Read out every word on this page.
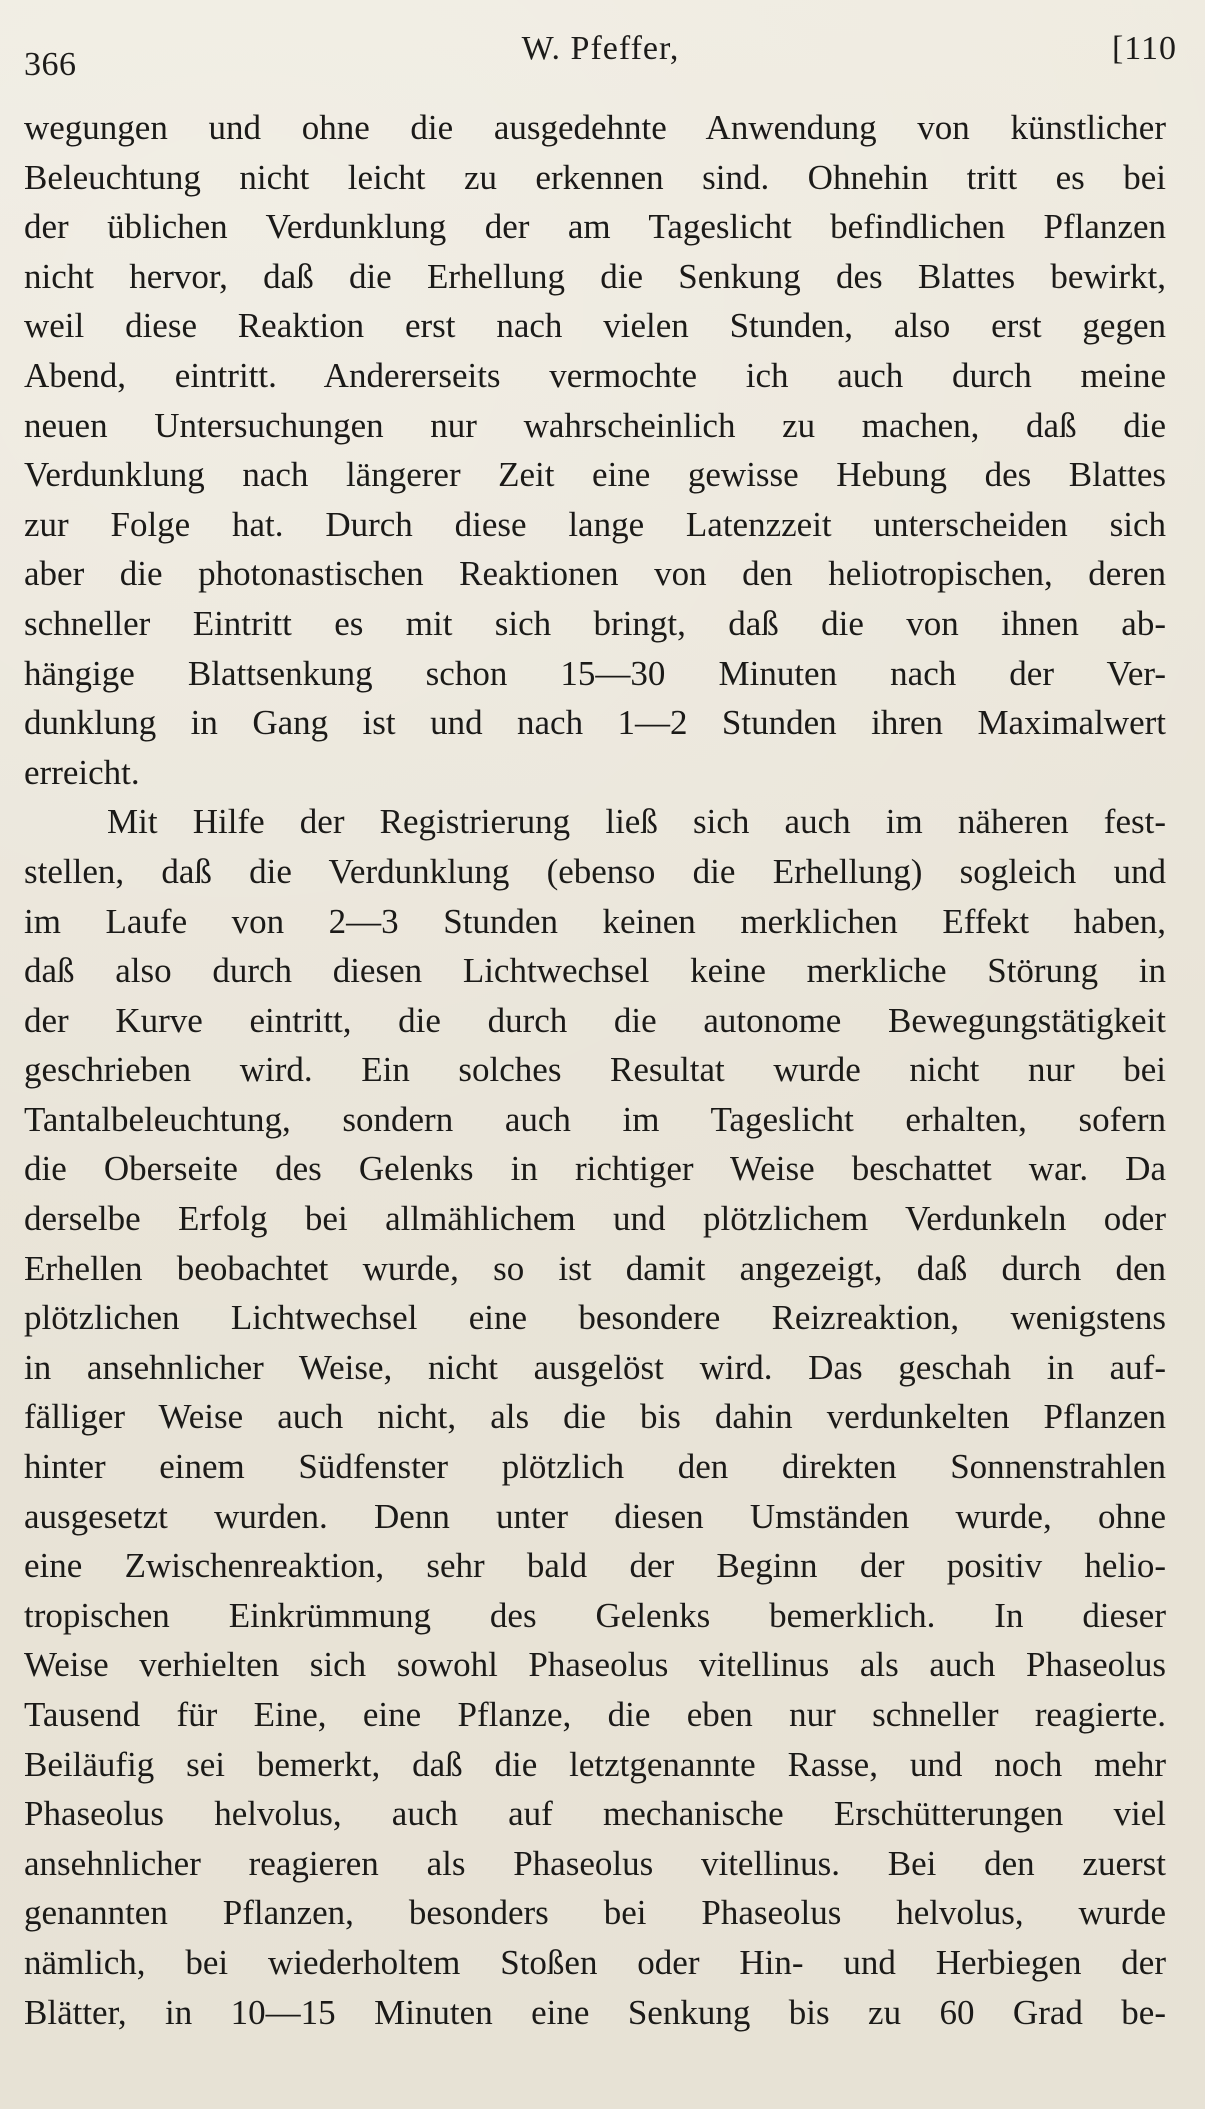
366	W. Pfeffer,	[110
wegungen und ohne die ausgedehnte Anwendung von künstlicher
Beleuchtung nicht leicht zu erkennen sind. Ohnehin tritt es bei
der üblichen Verdunklung der am Tageslicht befindlichen Pflanzen
nicht hervor, daß die Erhellung die Senkung des Blattes bewirkt,
weil diese Reaktion erst nach vielen Stunden, also erst gegen
Abend, eintritt. Andererseits vermochte ich auch durch meine
neuen Untersuchungen nur wahrscheinlich zu machen, daß die
Verdunklung nach längerer Zeit eine gewisse Hebung des Blattes
zur Folge hat. Durch diese lange Latenzzeit unterscheiden sich
aber die photonastischen Reaktionen von den heliotropischen, deren
schneller Eintritt es mit sich bringt, daß die von ihnen ab-
hängige Blattsenkung schon 15—30 Minuten nach der Ver-
dunklung in Gang ist und nach 1—2 Stunden ihren Maximalwert
erreicht.
Mit Hilfe der Registrierung ließ sich auch im näheren fest-
stellen, daß die Verdunklung (ebenso die Erhellung) sogleich und
im Laufe von 2—3 Stunden keinen merklichen Effekt haben,
daß also durch diesen Lichtwechsel keine merkliche Störung in
der Kurve eintritt, die durch die autonome Bewegungstätigkeit
geschrieben wird. Ein solches Resultat wurde nicht nur bei
Tantalbeleuchtung, sondern auch im Tageslicht erhalten, sofern
die Oberseite des Gelenks in richtiger Weise beschattet war. Da
derselbe Erfolg bei allmählichem und plötzlichem Verdunkeln oder
Erhellen beobachtet wurde, so ist damit angezeigt, daß durch den
plötzlichen Lichtwechsel eine besondere Reizreaktion, wenigstens
in ansehnlicher Weise, nicht ausgelöst wird. Das geschah in auf-
fälliger Weise auch nicht, als die bis dahin verdunkelten Pflanzen
hinter einem Südfenster plötzlich den direkten Sonnenstrahlen
ausgesetzt wurden. Denn unter diesen Umständen wurde, ohne
eine Zwischenreaktion, sehr bald der Beginn der positiv helio-
tropischen Einkrümmung des Gelenks bemerklich. In dieser
Weise verhielten sich sowohl Phaseolus vitellinus als auch Phaseolus
Tausend für Eine, eine Pflanze, die eben nur schneller reagierte.
Beiläufig sei bemerkt, daß die letztgenannte Rasse, und noch mehr
Phaseolus helvolus, auch auf mechanische Erschütterungen viel
ansehnlicher reagieren als Phaseolus vitellinus. Bei den zuerst
genannten Pflanzen, besonders bei Phaseolus helvolus, wurde
nämlich, bei wiederholtem Stoßen oder Hin- und Herbiegen der
Blätter, in 10—15 Minuten eine Senkung bis zu 60 Grad be-
